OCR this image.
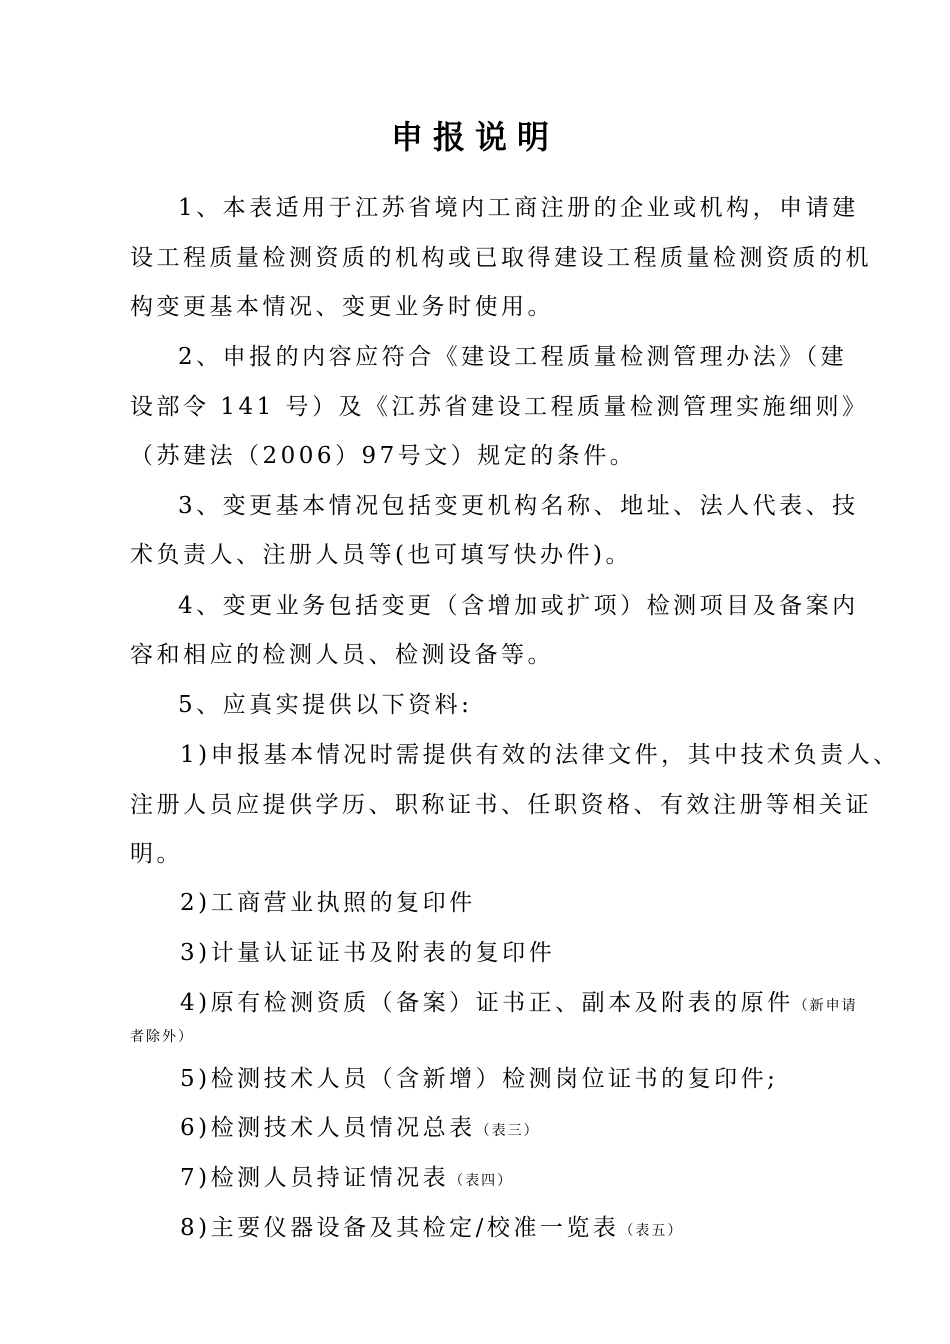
申报说明
1、本表适用于江苏省境内工商注册的企业或机构，申请建
设工程质量检测资质的机构或已取得建设工程质量检测资质的机
构变更基本情况、变更业务时使用。
2、申报的内容应符合《建设工程质量检测管理办法》（建
设部令 141 号）及《江苏省建设工程质量检测管理实施细则》
（苏建法（2006）97号文）规定的条件。
3、变更基本情况包括变更机构名称、地址、法人代表、技
术负责人、注册人员等(也可填写快办件)。
4、变更业务包括变更（含增加或扩项）检测项目及备案内
容和相应的检测人员、检测设备等。
5、应真实提供以下资料:
1)申报基本情况时需提供有效的法律文件，其中技术负责人、
注册人员应提供学历、职称证书、任职资格、有效注册等相关证
明。
2)工商营业执照的复印件
3)计量认证证书及附表的复印件
4)原有检测资质（备案）证书正、副本及附表的原件（新申请
者除外）
5)检测技术人员（含新增）检测岗位证书的复印件;
6)检测技术人员情况总表（表三）
7)检测人员持证情况表（表四）
8)主要仪器设备及其检定/校准一览表（表五）
